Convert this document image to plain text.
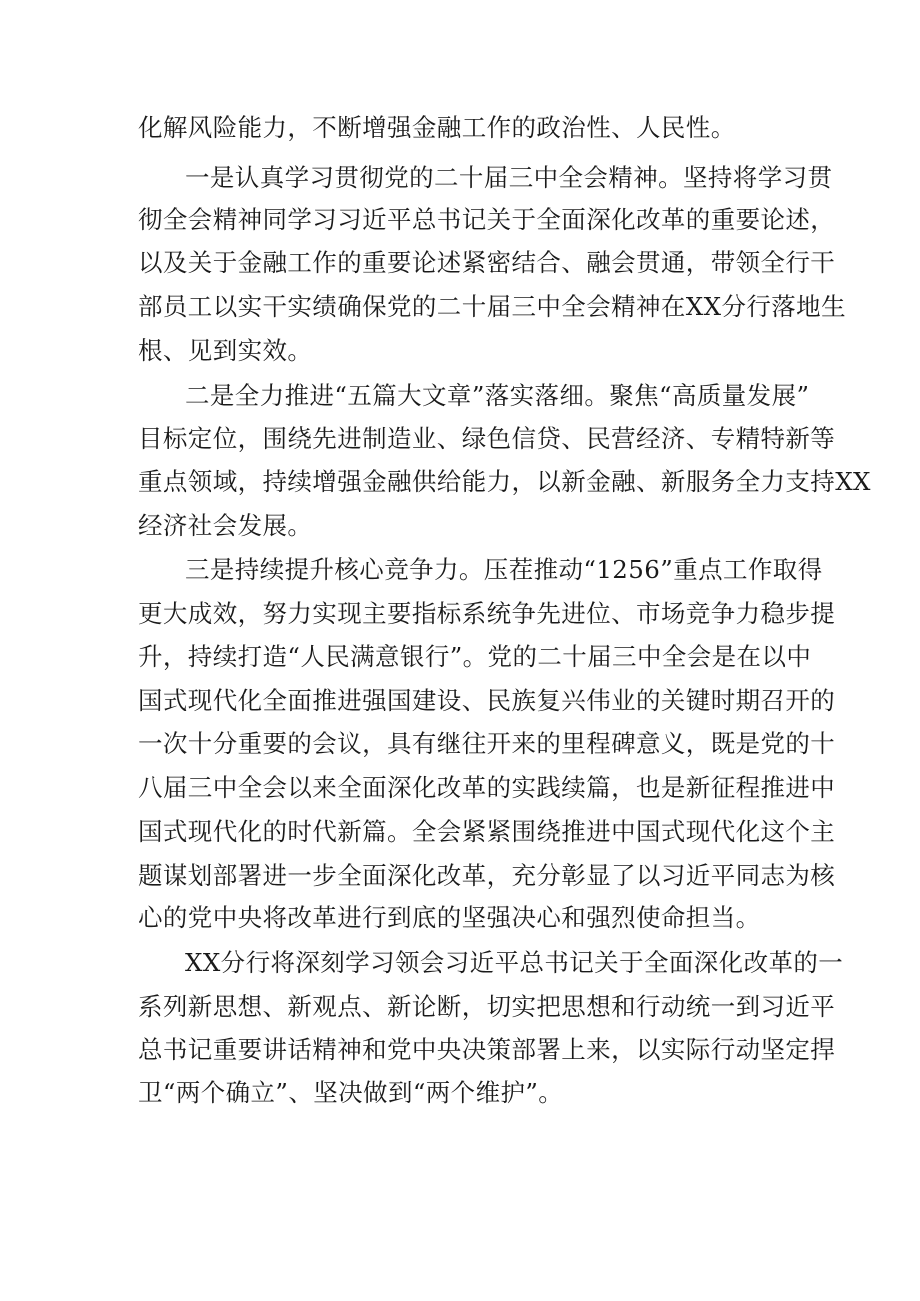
化解风险能力，不断增强金融工作的政治性、人民性。
一是认真学习贯彻党的二十届三中全会精神。坚持将学习贯
彻全会精神同学习习近平总书记关于全面深化改革的重要论述，
以及关于金融工作的重要论述紧密结合、融会贯通，带领全行干
部员工以实干实绩确保党的二十届三中全会精神在XX分行落地生
根、见到实效。
二是全力推进“五篇大文章”落实落细。聚焦“高质量发展”
目标定位，围绕先进制造业、绿色信贷、民营经济、专精特新等
重点领域，持续增强金融供给能力，以新金融、新服务全力支持XX
经济社会发展。
三是持续提升核心竞争力。压茬推动“1256”重点工作取得
更大成效，努力实现主要指标系统争先进位、市场竞争力稳步提
升，持续打造“人民满意银行”。党的二十届三中全会是在以中
国式现代化全面推进强国建设、民族复兴伟业的关键时期召开的
一次十分重要的会议，具有继往开来的里程碑意义，既是党的十
八届三中全会以来全面深化改革的实践续篇，也是新征程推进中
国式现代化的时代新篇。全会紧紧围绕推进中国式现代化这个主
题谋划部署进一步全面深化改革，充分彰显了以习近平同志为核
心的党中央将改革进行到底的坚强决心和强烈使命担当。
XX分行将深刻学习领会习近平总书记关于全面深化改革的一
系列新思想、新观点、新论断，切实把思想和行动统一到习近平
总书记重要讲话精神和党中央决策部署上来，以实际行动坚定捍
卫“两个确立”、坚决做到“两个维护”。
